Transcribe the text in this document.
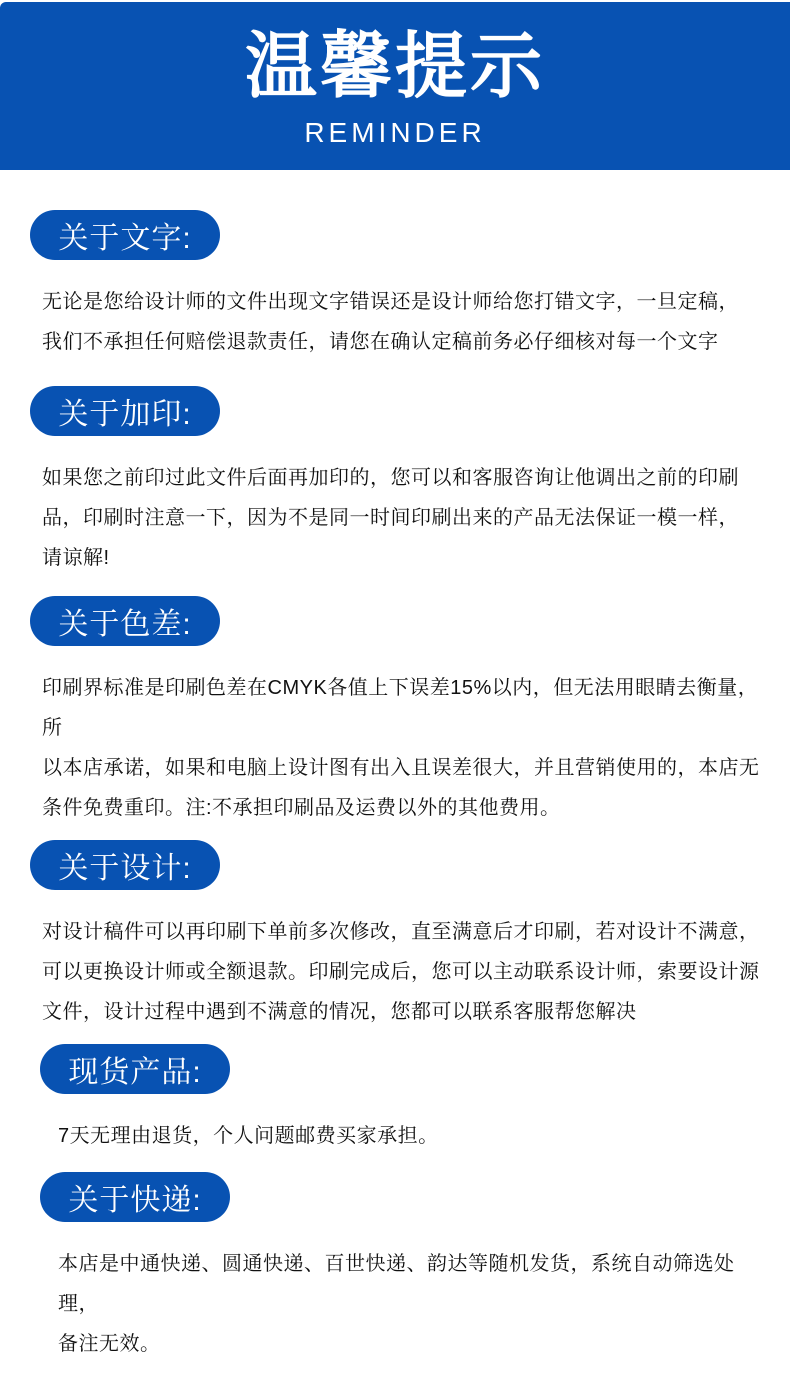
温馨提示
REMINDER
关于文字:
无论是您给设计师的文件出现文字错误还是设计师给您打错文字，一旦定稿，
我们不承担任何赔偿退款责任，请您在确认定稿前务必仔细核对每一个文字
关于加印:
如果您之前印过此文件后面再加印的，您可以和客服咨询让他调出之前的印刷
品，印刷时注意一下，因为不是同一时间印刷出来的产品无法保证一模一样，
请谅解!
关于色差:
印刷界标准是印刷色差在CMYK各值上下误差15%以内，但无法用眼睛去衡量，所
以本店承诺，如果和电脑上设计图有出入且误差很大，并且营销使用的，本店无
条件免费重印。注:不承担印刷品及运费以外的其他费用。
关于设计:
对设计稿件可以再印刷下单前多次修改，直至满意后才印刷，若对设计不满意，
可以更换设计师或全额退款。印刷完成后，您可以主动联系设计师，索要设计源
文件，设计过程中遇到不满意的情况，您都可以联系客服帮您解决
现货产品:
7天无理由退货，个人问题邮费买家承担。
关于快递:
本店是中通快递、圆通快递、百世快递、韵达等随机发货，系统自动筛选处理，
备注无效。
